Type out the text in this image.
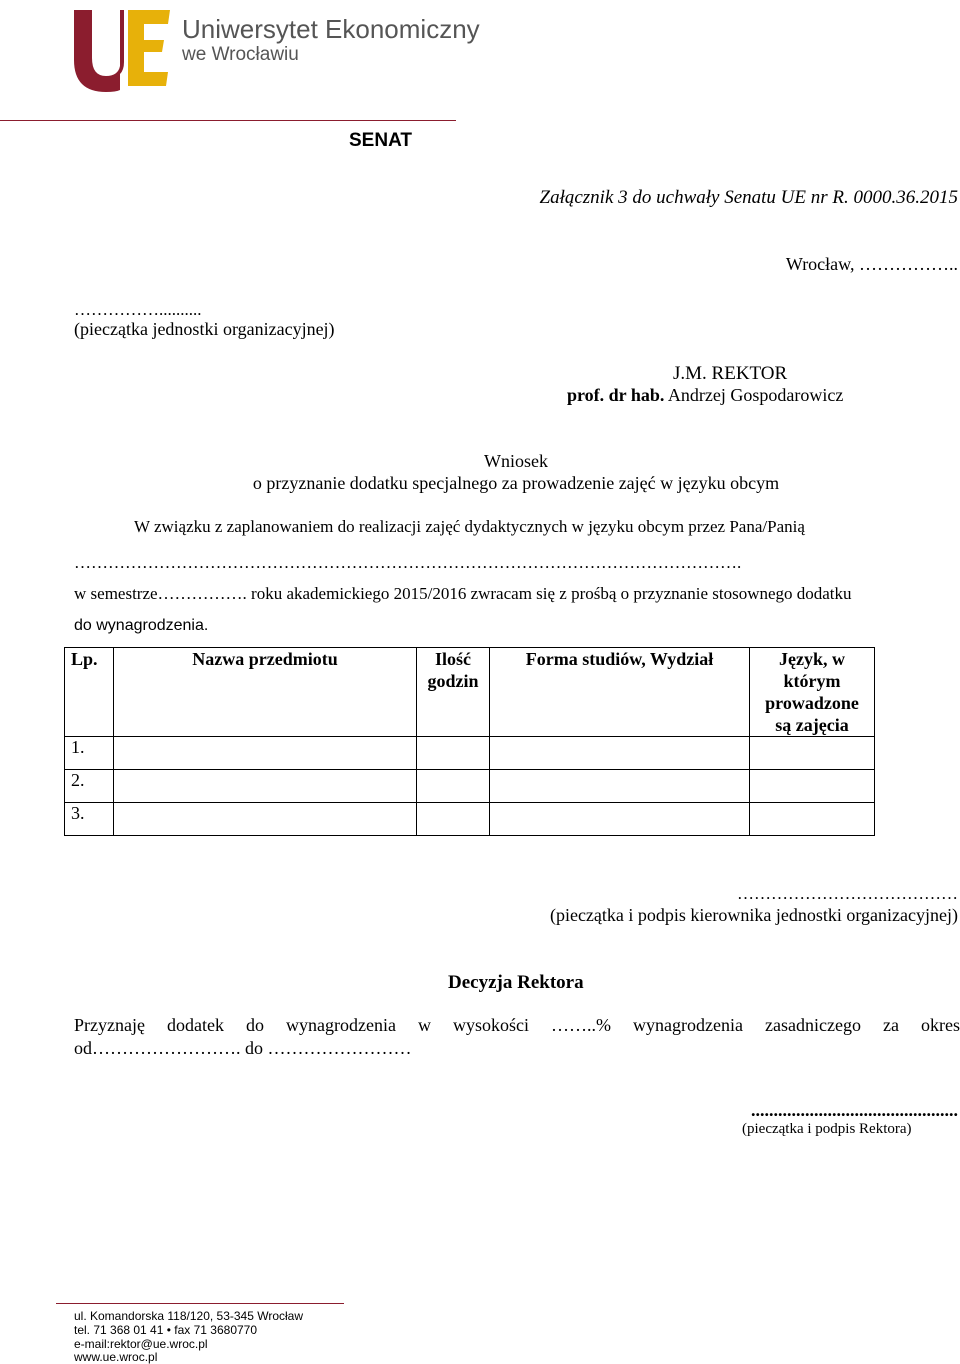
Uniwersytet Ekonomiczny
we Wrocławiu
SENAT
Załącznik 3 do uchwały Senatu UE nr R. 0000.36.2015
Wrocław, ……………..
……………..........
(pieczątka jednostki organizacyjnej)
J.M. REKTOR
prof. dr hab. Andrzej Gospodarowicz
Wniosek
o przyznanie dodatku specjalnego za prowadzenie zajęć w języku obcym
W związku z zaplanowaniem do realizacji zajęć dydaktycznych w języku obcym przez Pana/Panią
……………………………………………………………………………………………………….
w semestrze……………. roku akademickiego 2015/2016 zwracam się z prośbą o przyznanie stosownego dodatku
do wynagrodzenia.
Lp.	Nazwa przedmiotu	Ilość godzin	Forma studiów, Wydział	Język, w którym prowadzone są zajęcia
1.				
2.				
3.				
…………………………………
(pieczątka i podpis kierownika jednostki organizacyjnej)
Decyzja Rektora
Przyznaję dodatek do wynagrodzenia w wysokości ……..% wynagrodzenia zasadniczego za okres
od……………………. do ……………………
..............................................
(pieczątka i podpis Rektora)
ul. Komandorska 118/120, 53-345 Wrocław
tel. 71 368 01 41 • fax 71 3680770
e-mail:rektor@ue.wroc.pl
www.ue.wroc.pl
